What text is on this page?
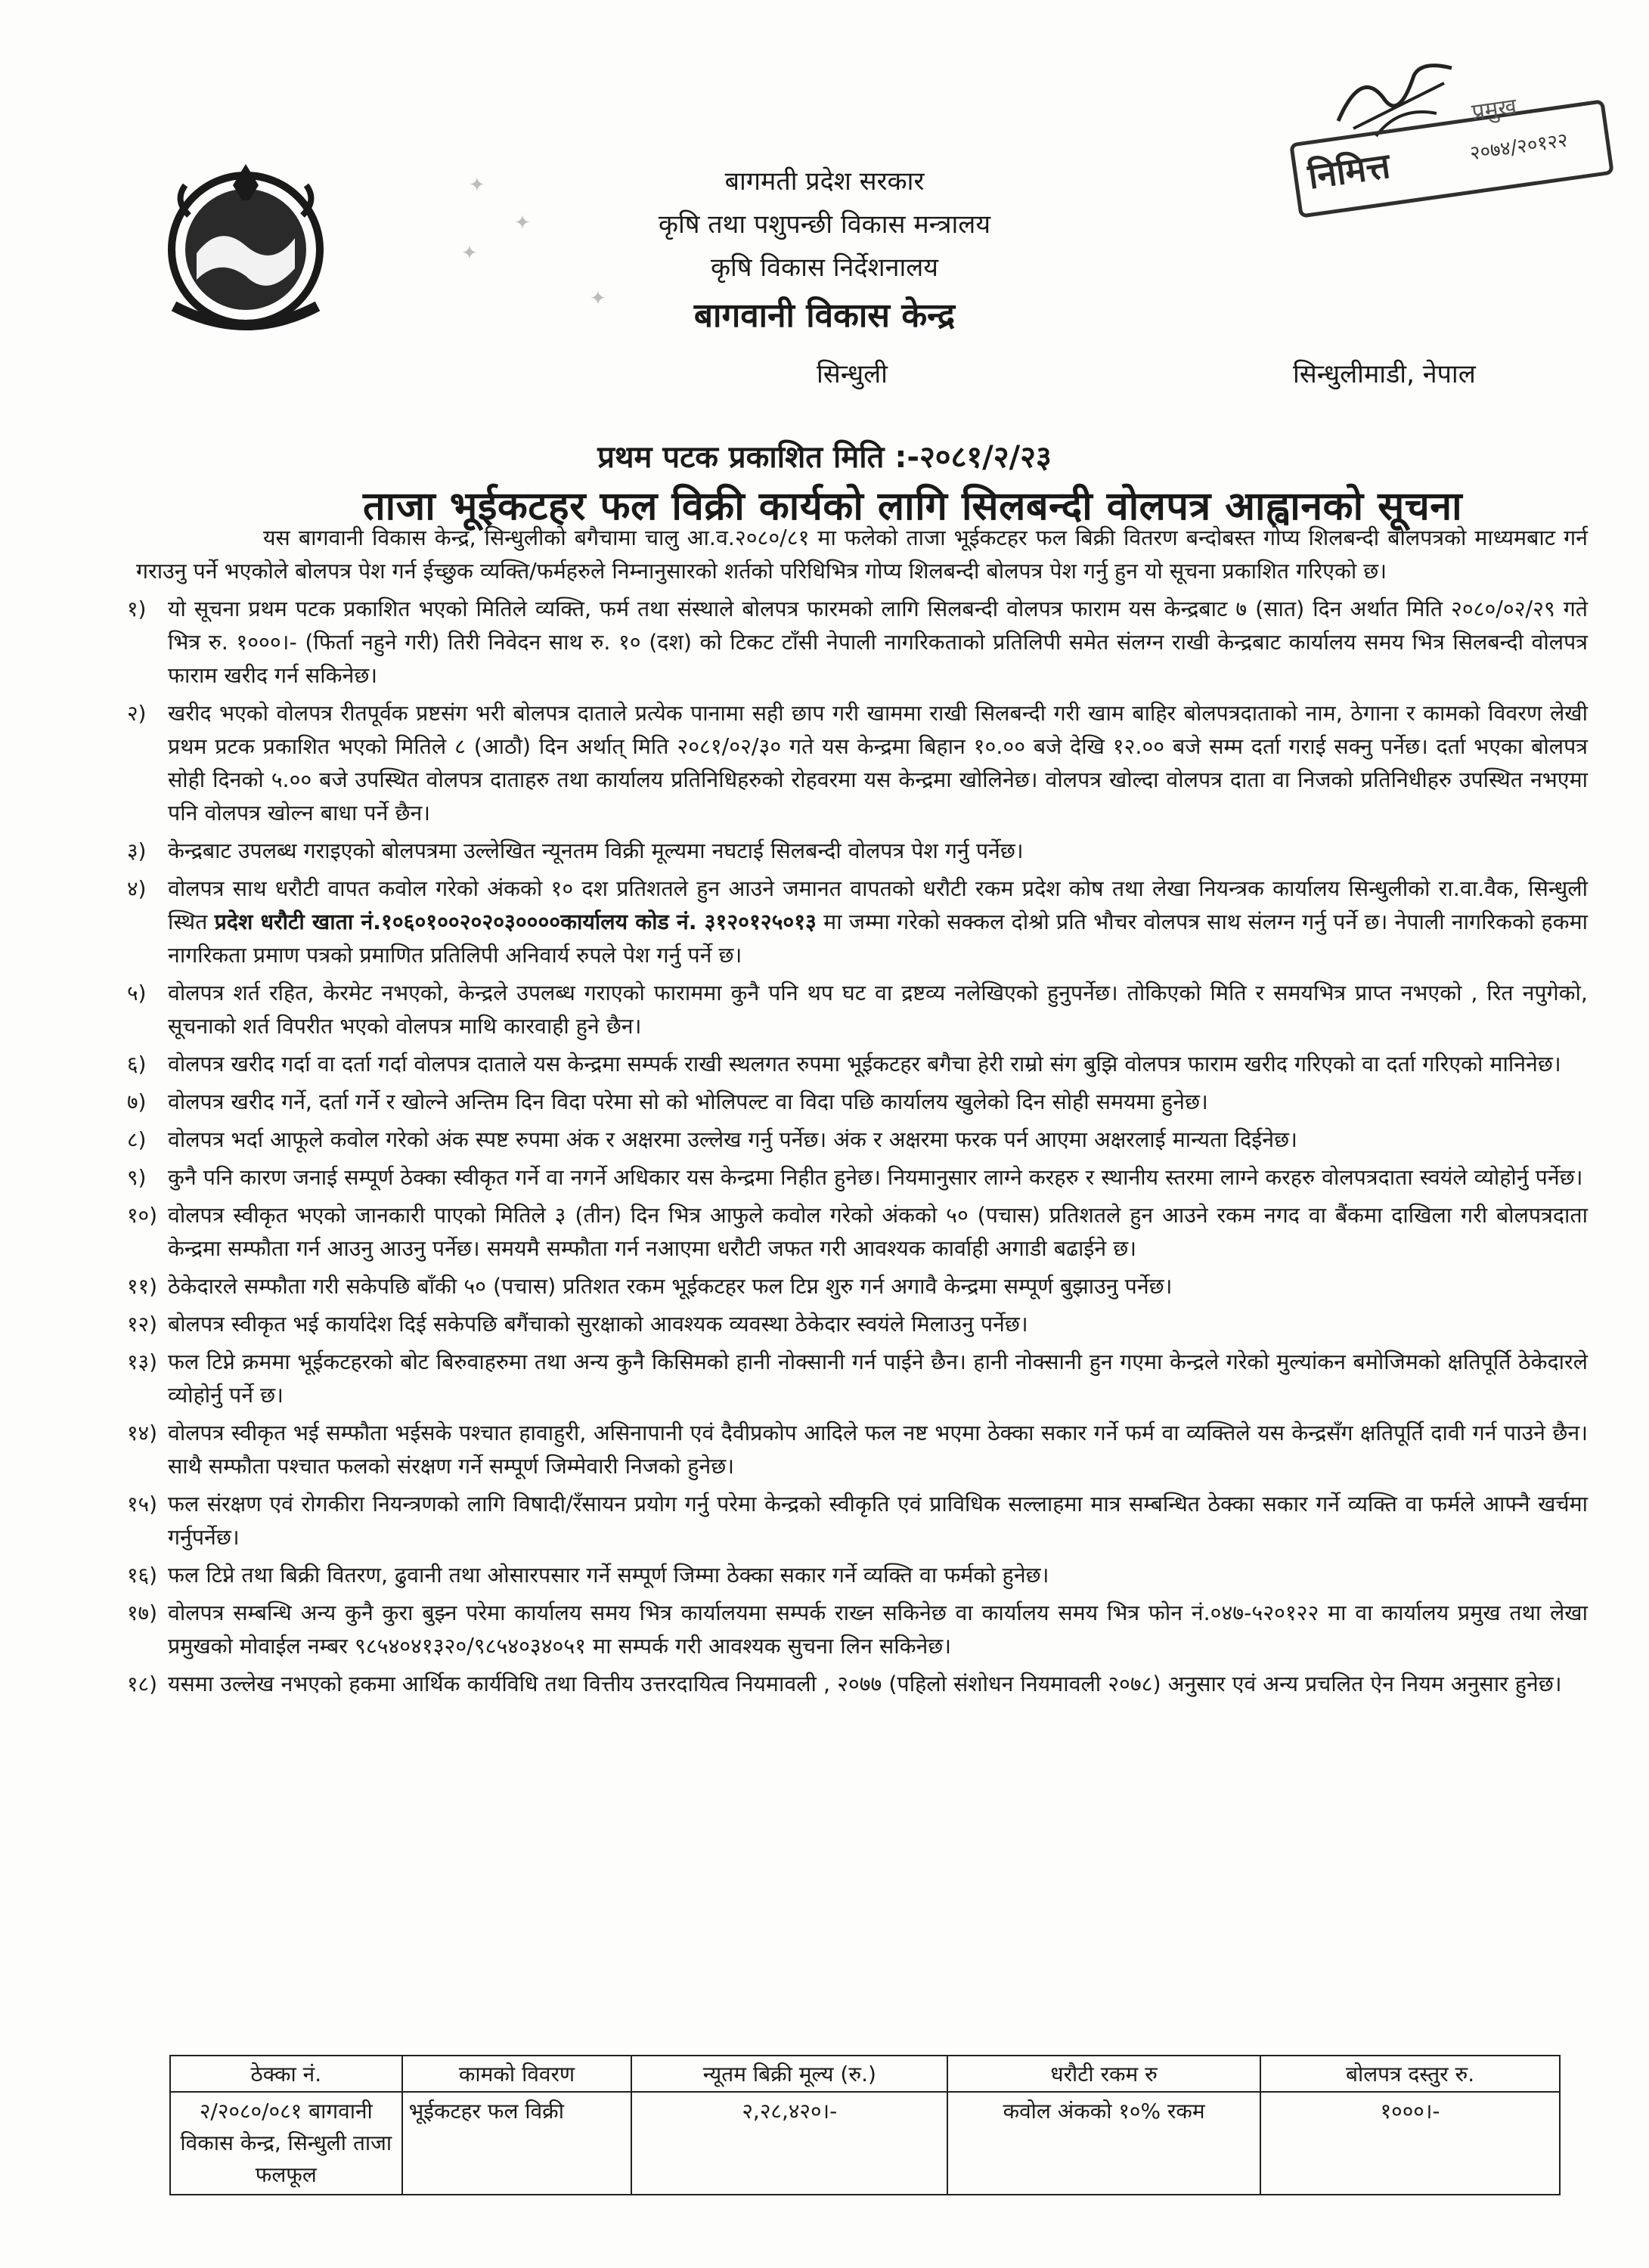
✦
✦
✦
✦
निमित्त
प्रमुख
२०७४/२०१२२
बागमती प्रदेश सरकार
कृषि तथा पशुपन्छी विकास मन्त्रालय
कृषि विकास निर्देशनालय
बागवानी विकास केन्द्र
सिन्धुली	सिन्धुलीमाडी, नेपाल
प्रथम पटक प्रकाशित मिति :-२०८१/२/२३
ताजा भूईकटहर फल विक्री कार्यको लागि सिलबन्दी वोलपत्र आह्वानको सूचना

यस बागवानी विकास केन्द्र, सिन्धुलीको बगैचामा चालु आ.व.२०८०/८१ मा फलेको ताजा भूईकटहर फल बिक्री वितरण बन्दोबस्त गोप्य शिलबन्दी बोलपत्रको माध्यमबाट गर्न गराउनु पर्ने भएकोले बोलपत्र पेश गर्न ईच्छुक व्यक्ति/फर्महरुले निम्नानुसारको शर्तको परिधिभित्र गोप्य शिलबन्दी बोलपत्र पेश गर्नु हुन यो सूचना प्रकाशित गरिएको छ।

१) यो सूचना प्रथम पटक प्रकाशित भएको मितिले व्यक्ति, फर्म तथा संस्थाले बोलपत्र फारमको लागि सिलबन्दी वोलपत्र फाराम यस केन्द्रबाट ७ (सात) दिन अर्थात मिति २०८०/०२/२९ गते भित्र रु. १०००।- (फिर्ता नहुने गरी) तिरी निवेदन साथ रु. १० (दश) को टिकट टाँसी नेपाली नागरिकताको प्रतिलिपी समेत संलग्न राखी केन्द्रबाट कार्यालय समय भित्र सिलबन्दी वोलपत्र फाराम खरीद गर्न सकिनेछ।
२) खरीद भएको वोलपत्र रीतपूर्वक प्रष्टसंग भरी बोलपत्र दाताले प्रत्येक पानामा सही छाप गरी खाममा राखी सिलबन्दी गरी खाम बाहिर बोलपत्रदाताको नाम, ठेगाना र कामको विवरण लेखी प्रथम प्रटक प्रकाशित भएको मितिले ८ (आठौ) दिन अर्थात् मिति २०८१/०२/३० गते यस केन्द्रमा बिहान १०.०० बजे देखि १२.०० बजे सम्म दर्ता गराई सक्नु पर्नेछ। दर्ता भएका बोलपत्र सोही दिनको ५.०० बजे उपस्थित वोलपत्र दाताहरु तथा कार्यालय प्रतिनिधिहरुको रोहवरमा यस केन्द्रमा खोलिनेछ। वोलपत्र खोल्दा वोलपत्र दाता वा निजको प्रतिनिधीहरु उपस्थित नभएमा पनि वोलपत्र खोल्न बाधा पर्ने छैन।
३) केन्द्रबाट उपलब्ध गराइएको बोलपत्रमा उल्लेखित न्यूनतम विक्री मूल्यमा नघटाई सिलबन्दी वोलपत्र पेश गर्नु पर्नेछ।
४) वोलपत्र साथ धरौटी वापत कवोल गरेको अंकको १० दश प्रतिशतले हुन आउने जमानत वापतको धरौटी रकम प्रदेश कोष तथा लेखा नियन्त्रक कार्यालय सिन्धुलीको रा.वा.वैक, सिन्धुली स्थित प्रदेश धरौटी खाता नं.१०६०१००२०२०३००००कार्यालय कोड नं. ३१२०१२५०१३ मा जम्मा गरेको सक्कल दोश्रो प्रति भौचर वोलपत्र साथ संलग्न गर्नु पर्ने छ। नेपाली नागरिकको हकमा नागरिकता प्रमाण पत्रको प्रमाणित प्रतिलिपी अनिवार्य रुपले पेश गर्नु पर्ने छ।
५) वोलपत्र शर्त रहित, केरमेट नभएको, केन्द्रले उपलब्ध गराएको फाराममा कुनै पनि थप घट वा द्रष्टव्य नलेखिएको हुनुपर्नेछ। तोकिएको मिति र समयभित्र प्राप्त नभएको , रित नपुगेको, सूचनाको शर्त विपरीत भएको वोलपत्र माथि कारवाही हुने छैन।
६) वोलपत्र खरीद गर्दा वा दर्ता गर्दा वोलपत्र दाताले यस केन्द्रमा सम्पर्क राखी स्थलगत रुपमा भूईकटहर बगैचा हेरी राम्रो संग बुझि वोलपत्र फाराम खरीद गरिएको वा दर्ता गरिएको मानिनेछ।
७) वोलपत्र खरीद गर्ने, दर्ता गर्ने र खोल्ने अन्तिम दिन विदा परेमा सो को भोलिपल्ट वा विदा पछि कार्यालय खुलेको दिन सोही समयमा हुनेछ।
८) वोलपत्र भर्दा आफूले कवोल गरेको अंक स्पष्ट रुपमा अंक र अक्षरमा उल्लेख गर्नु पर्नेछ। अंक र अक्षरमा फरक पर्न आएमा अक्षरलाई मान्यता दिईनेछ।
९) कुनै पनि कारण जनाई सम्पूर्ण ठेक्का स्वीकृत गर्ने वा नगर्ने अधिकार यस केन्द्रमा निहीत हुनेछ। नियमानुसार लाग्ने करहरु र स्थानीय स्तरमा लाग्ने करहरु वोलपत्रदाता स्वयंले व्योहोर्नु पर्नेछ।
१०) वोलपत्र स्वीकृत भएको जानकारी पाएको मितिले ३ (तीन) दिन भित्र आफुले कवोल गरेको अंकको ५० (पचास) प्रतिशतले हुन आउने रकम नगद वा बैंकमा दाखिला गरी बोलपत्रदाता केन्द्रमा सम्फौता गर्न आउनु आउनु पर्नेछ। समयमै सम्फौता गर्न नआएमा धरौटी जफत गरी आवश्यक कार्वाही अगाडी बढाईने छ।
११) ठेकेदारले सम्फौता गरी सकेपछि बाँकी ५० (पचास) प्रतिशत रकम भूईकटहर फल टिप्न शुरु गर्न अगावै केन्द्रमा सम्पूर्ण बुझाउनु पर्नेछ।
१२) बोलपत्र स्वीकृत भई कार्यादेश दिई सकेपछि बगैंचाको सुरक्षाको आवश्यक व्यवस्था ठेकेदार स्वयंले मिलाउनु पर्नेछ।
१३) फल टिप्ने क्रममा भूईकटहरको बोट बिरुवाहरुमा तथा अन्य कुनै किसिमको हानी नोक्सानी गर्न पाईने छैन। हानी नोक्सानी हुन गएमा केन्द्रले गरेको मुल्यांकन बमोजिमको क्षतिपूर्ति ठेकेदारले व्योहोर्नु पर्ने छ।
१४) वोलपत्र स्वीकृत भई सम्फौता भईसके पश्चात हावाहुरी, असिनापानी एवं दैवीप्रकोप आदिले फल नष्ट भएमा ठेक्का सकार गर्ने फर्म वा व्यक्तिले यस केन्द्रसँग क्षतिपूर्ति दावी गर्न पाउने छैन। साथै सम्फौता पश्चात फलको संरक्षण गर्ने सम्पूर्ण जिम्मेवारी निजको हुनेछ।
१५) फल संरक्षण एवं रोगकीरा नियन्त्रणको लागि विषादी/रँसायन प्रयोग गर्नु परेमा केन्द्रको स्वीकृति एवं प्राविधिक सल्लाहमा मात्र सम्बन्धित ठेक्का सकार गर्ने व्यक्ति वा फर्मले आफ्नै खर्चमा गर्नुपर्नेछ।
१६) फल टिप्ने तथा बिक्री वितरण, ढुवानी तथा ओसारपसार गर्ने सम्पूर्ण जिम्मा ठेक्का सकार गर्ने व्यक्ति वा फर्मको हुनेछ।
१७) वोलपत्र सम्बन्धि अन्य कुनै कुरा बुझ्न परेमा कार्यालय समय भित्र कार्यालयमा सम्पर्क राख्न सकिनेछ वा कार्यालय समय भित्र फोन नं.०४७-५२०१२२ मा वा कार्यालय प्रमुख तथा लेखा प्रमुखको मोवाईल नम्बर ९८५४०४१३२०/९८५४०३४०५१ मा सम्पर्क गरी आवश्यक सुचना लिन सकिनेछ।
१८) यसमा उल्लेख नभएको हकमा आर्थिक कार्यविधि तथा वित्तीय उत्तरदायित्व नियमावली , २०७७ (पहिलो संशोधन नियमावली २०७८) अनुसार एवं अन्य प्रचलित ऐन नियम अनुसार हुनेछ।
ठेक्का नं.	कामको विवरण	न्यूतम बिक्री मूल्य (रु.)	धरौटी रकम रु	बोलपत्र दस्तुर रु.
२/२०८०/०८१ बागवानी विकास केन्द्र, सिन्धुली ताजा फलफूल	भूईकटहर फल विक्री	२,२८,४२०।-	कवोल अंकको १०% रकम	१०००।-
